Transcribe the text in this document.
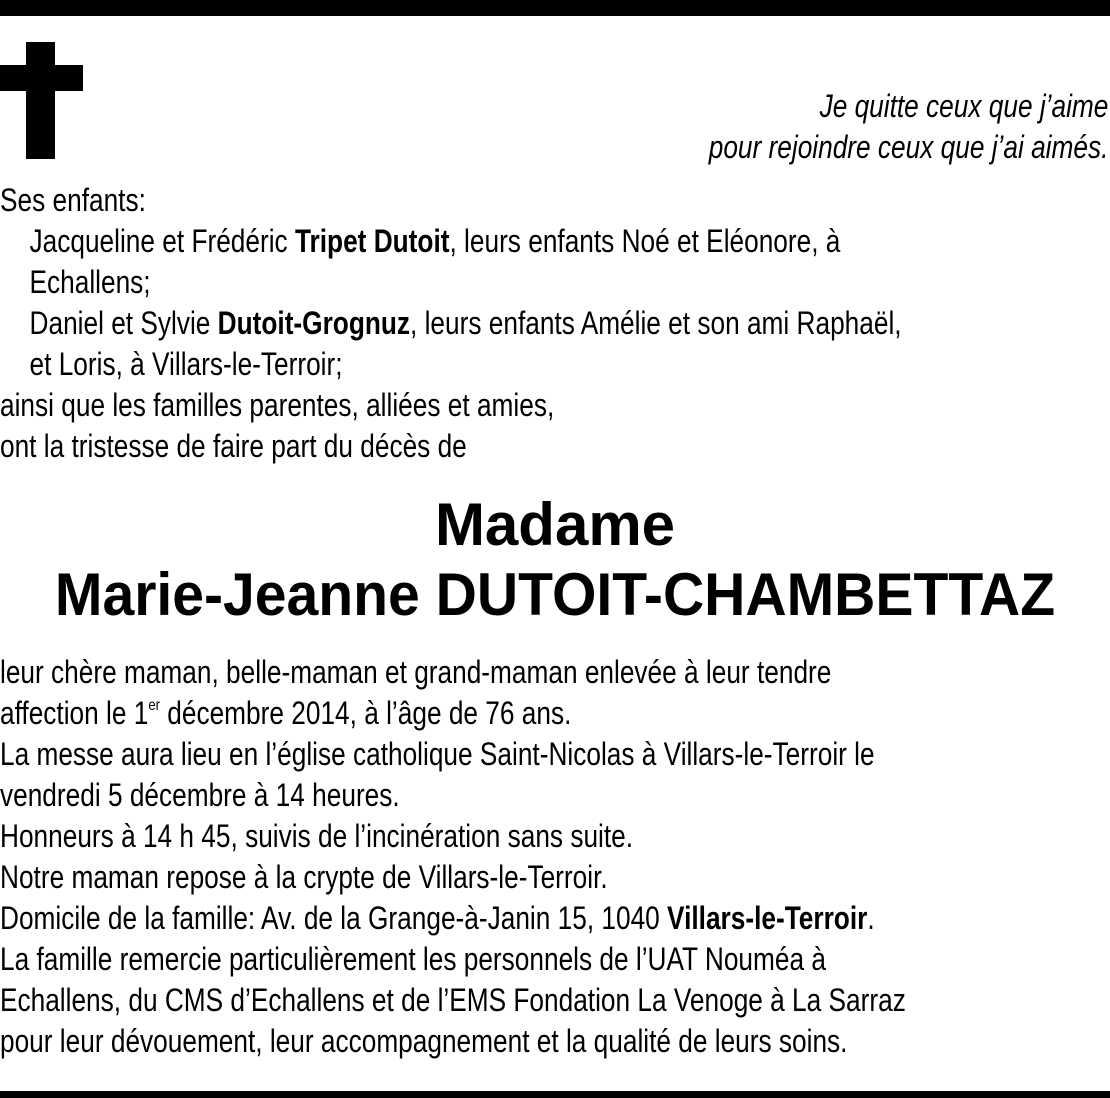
Je quitte ceux que j’aime
pour rejoindre ceux que j’ai aimés.
Ses enfants:
Jacqueline et Frédéric Tripet Dutoit, leurs enfants Noé et Eléonore, à
Echallens;
Daniel et Sylvie Dutoit-Grognuz, leurs enfants Amélie et son ami Raphaël,
et Loris, à Villars-le-Terroir;
ainsi que les familles parentes, alliées et amies,
ont la tristesse de faire part du décès de
Madame
Marie-Jeanne DUTOIT-CHAMBETTAZ
leur chère maman, belle-maman et grand-maman enlevée à leur tendre
affection le 1er décembre 2014, à l’âge de 76 ans.
La messe aura lieu en l’église catholique Saint-Nicolas à Villars-le-Terroir le
vendredi 5 décembre à 14 heures.
Honneurs à 14 h 45, suivis de l’incinération sans suite.
Notre maman repose à la crypte de Villars-le-Terroir.
Domicile de la famille: Av. de la Grange-à-Janin 15, 1040 Villars-le-Terroir.
La famille remercie particulièrement les personnels de l’UAT Nouméa à
Echallens, du CMS d’Echallens et de l’EMS Fondation La Venoge à La Sarraz
pour leur dévouement, leur accompagnement et la qualité de leurs soins.
